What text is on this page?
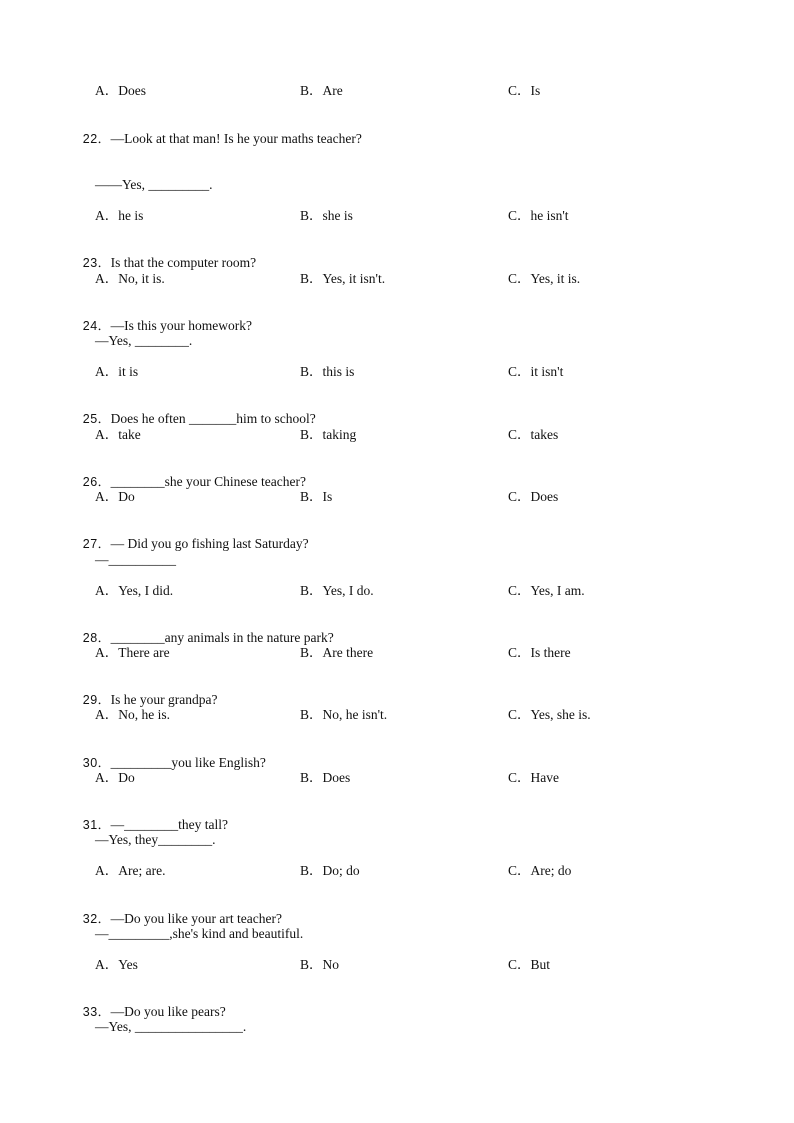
A．Does	B．Are	C．Is

22．—Look at that man! Is he your maths teacher?

——Yes, _________.
A．he is	B．she is	C．he isn't

23．Is that the computer room?

A．No, it is.	B．Yes, it isn't.	C．Yes, it is.

24．—Is this your homework?

—Yes, ________.
A．it is	B．this is	C．it isn't

25．Does he often _______him to school?

A．take	B．taking	C．takes

26．________she your Chinese teacher?

A．Do	B．Is	C．Does

27．— Did you go fishing last Saturday?

—__________
A．Yes, I did.	B．Yes, I do.	C．Yes, I am.

28．________any animals in the nature park?

A．There are	B．Are there	C．Is there

29．Is he your grandpa?

A．No, he is.	B．No, he isn't.	C．Yes, she is.

30．_________you like English?

A．Do	B．Does	C．Have

31．—________they tall?

—Yes, they________.
A．Are; are.	B．Do; do	C．Are; do

32．—Do you like your art teacher?

—_________,she's kind and beautiful.
A．Yes	B．No	C．But

33．—Do you like pears?

—Yes, ________________.
